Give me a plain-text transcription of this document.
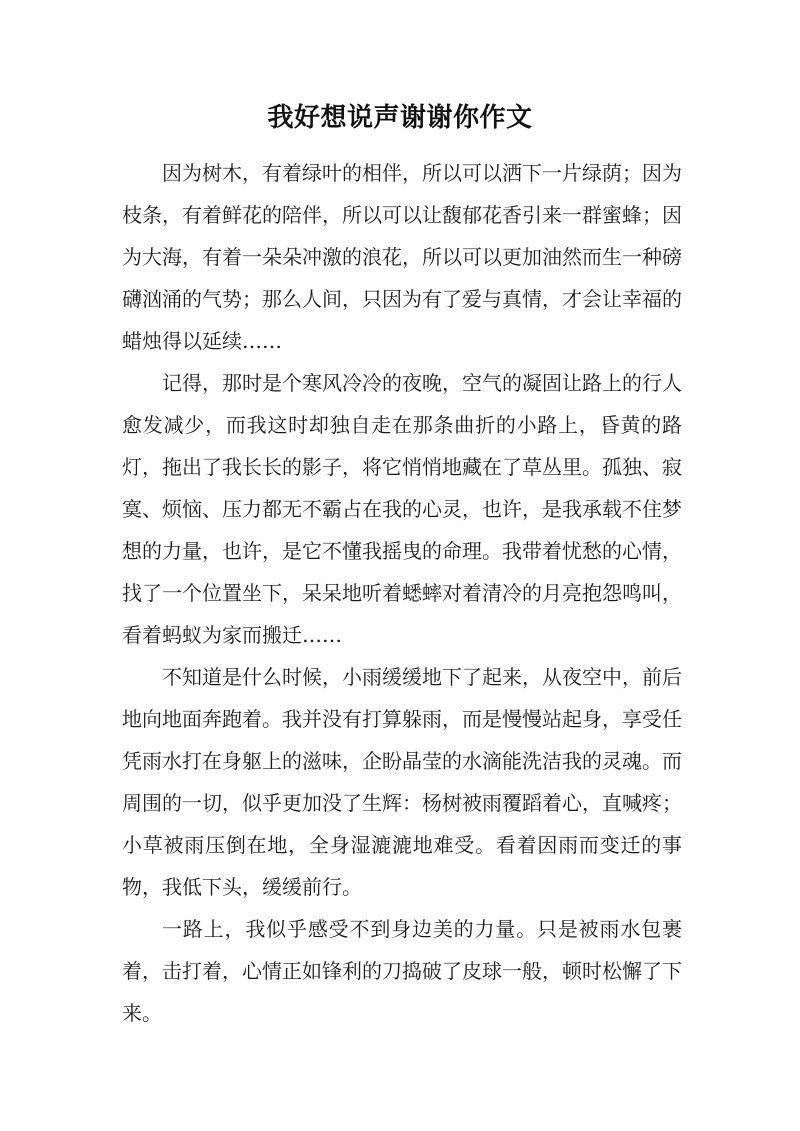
我好想说声谢谢你作文

因为树木，有着绿叶的相伴，所以可以洒下一片绿荫；因为枝条，有着鲜花的陪伴，所以可以让馥郁花香引来一群蜜蜂；因为大海，有着一朵朵冲激的浪花，所以可以更加油然而生一种磅礴汹涌的气势；那么人间，只因为有了爱与真情，才会让幸福的蜡烛得以延续……

记得，那时是个寒风冷冷的夜晚，空气的凝固让路上的行人愈发减少，而我这时却独自走在那条曲折的小路上，昏黄的路灯，拖出了我长长的影子，将它悄悄地藏在了草丛里。孤独、寂寞、烦恼、压力都无不霸占在我的心灵，也许，是我承载不住梦想的力量，也许，是它不懂我摇曳的命理。我带着忧愁的心情，找了一个位置坐下，呆呆地听着蟋蟀对着清冷的月亮抱怨鸣叫，看着蚂蚁为家而搬迁……

不知道是什么时候，小雨缓缓地下了起来，从夜空中，前后地向地面奔跑着。我并没有打算躲雨，而是慢慢站起身，享受任凭雨水打在身躯上的滋味，企盼晶莹的水滴能洗洁我的灵魂。而周围的一切，似乎更加没了生辉：杨树被雨覆蹈着心，直喊疼；小草被雨压倒在地，全身湿漉漉地难受。看着因雨而变迁的事物，我低下头，缓缓前行。

一路上，我似乎感受不到身边美的力量。只是被雨水包裹着，击打着，心情正如锋利的刀捣破了皮球一般，顿时松懈了下来。
